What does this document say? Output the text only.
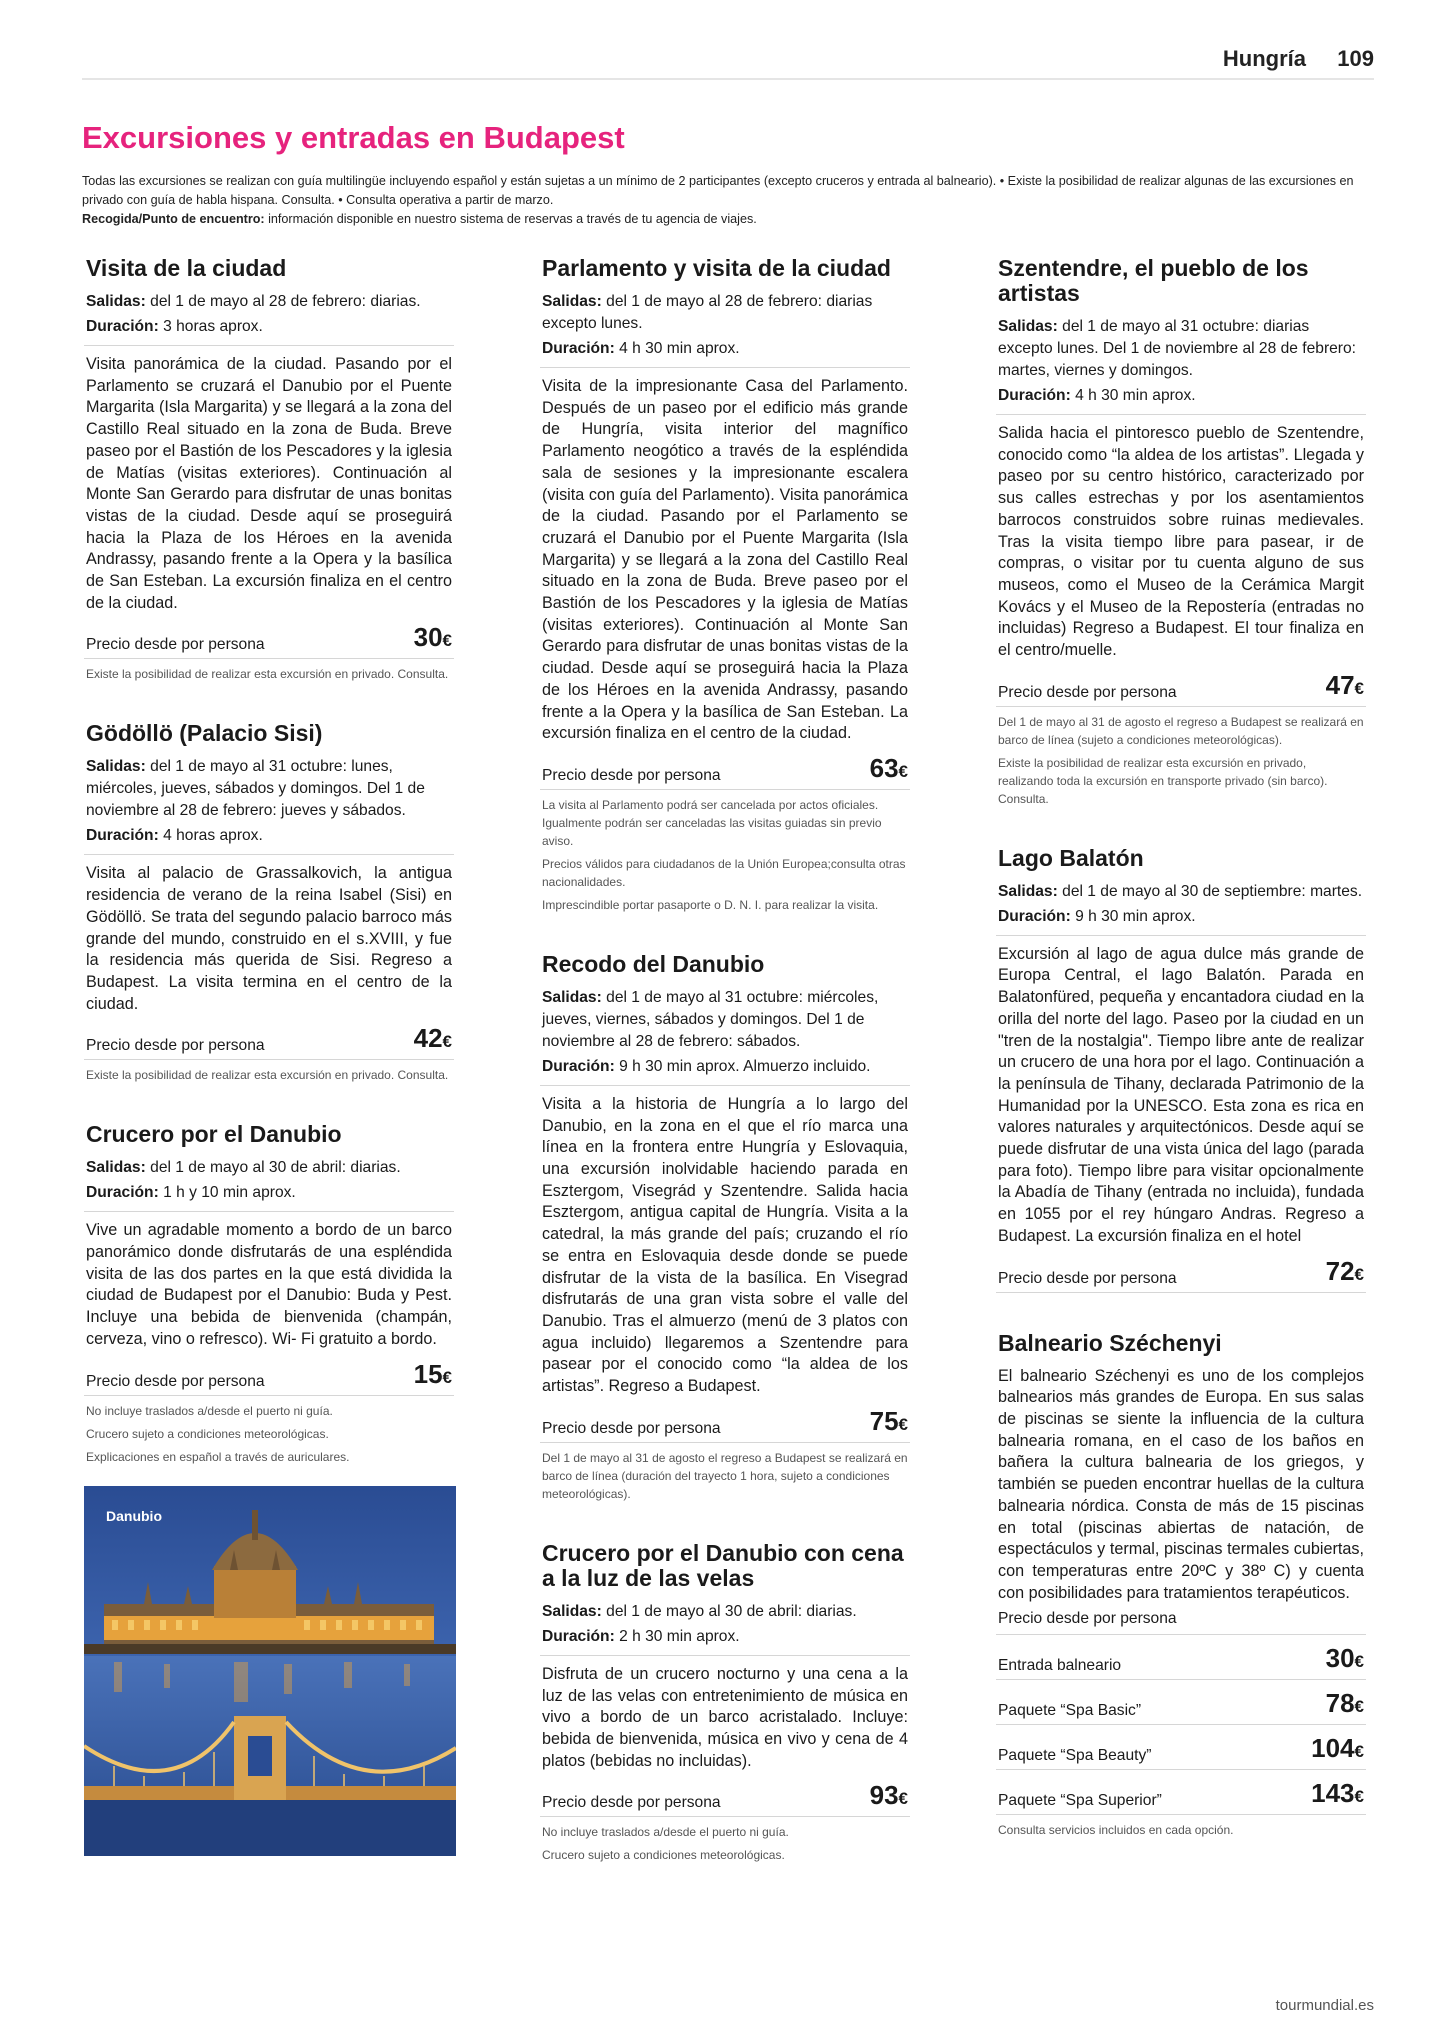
Hungría 109
Excursiones y entradas en Budapest
Todas las excursiones se realizan con guía multilingüe incluyendo español y están sujetas a un mínimo de 2 participantes (excepto cruceros y entrada al balneario). • Existe la posibilidad de realizar algunas de las excursiones en privado con guía de habla hispana. Consulta. • Consulta operativa a partir de marzo.
Recogida/Punto de encuentro: información disponible en nuestro sistema de reservas a través de tu agencia de viajes.
Visita de la ciudad

Salidas: del 1 de mayo al 28 de febrero: diarias.

Duración: 3 horas aprox.

Visita panorámica de la ciudad. Pasando por el Parlamento se cruzará el Danubio por el Puente Margarita (Isla Margarita) y se llegará a la zona del Castillo Real situado en la zona de Buda. Breve paseo por el Bastión de los Pescadores y la iglesia de Matías (visitas exteriores). Continuación al Monte San Gerardo para disfrutar de unas bonitas vistas de la ciudad. Desde aquí se proseguirá hacia la Plaza de los Héroes en la avenida Andrassy, pasando frente a la Opera y la basílica de San Esteban. La excursión finaliza en el centro de la ciudad.

Precio desde por persona	30€

Existe la posibilidad de realizar esta excursión en privado. Consulta.

Gödöllö (Palacio Sisi)

Salidas: del 1 de mayo al 31 octubre: lunes, miércoles, jueves, sábados y domingos. Del 1 de noviembre al 28 de febrero: jueves y sábados.

Duración: 4 horas aprox.

Visita al palacio de Grassalkovich, la antigua residencia de verano de la reina Isabel (Sisi) en Gödöllö. Se trata del segundo palacio barroco más grande del mundo, construido en el s.XVIII, y fue la residencia más querida de Sisi. Regreso a Budapest. La visita termina en el centro de la ciudad.

Precio desde por persona	42€

Existe la posibilidad de realizar esta excursión en privado. Consulta.

Crucero por el Danubio

Salidas: del 1 de mayo al 30 de abril: diarias.

Duración: 1 h y 10 min aprox.

Vive un agradable momento a bordo de un barco panorámico donde disfrutarás de una espléndida visita de las dos partes en la que está dividida la ciudad de Budapest por el Danubio: Buda y Pest. Incluye una bebida de bienvenida (champán, cerveza, vino o refresco). Wi- Fi gratuito a bordo.

Precio desde por persona	15€

No incluye traslados a/desde el puerto ni guía.

Crucero sujeto a condiciones meteorológicas.

Explicaciones en español a través de auriculares.

Danubio
Parlamento y visita de la ciudad

Salidas: del 1 de mayo al 28 de febrero: diarias excepto lunes.

Duración: 4 h 30 min aprox.

Visita de la impresionante Casa del Parlamento. Después de un paseo por el edificio más grande de Hungría, visita interior del magnífico Parlamento neogótico a través de la espléndida sala de sesiones y la impresionante escalera (visita con guía del Parlamento). Visita panorámica de la ciudad. Pasando por el Parlamento se cruzará el Danubio por el Puente Margarita (Isla Margarita) y se llegará a la zona del Castillo Real situado en la zona de Buda. Breve paseo por el Bastión de los Pescadores y la iglesia de Matías (visitas exteriores). Continuación al Monte San Gerardo para disfrutar de unas bonitas vistas de la ciudad. Desde aquí se proseguirá hacia la Plaza de los Héroes en la avenida Andrassy, pasando frente a la Opera y la basílica de San Esteban. La excursión finaliza en el centro de la ciudad.

Precio desde por persona	63€

La visita al Parlamento podrá ser cancelada por actos oficiales. Igualmente podrán ser canceladas las visitas guiadas sin previo aviso.

Precios válidos para ciudadanos de la Unión Europea;consulta otras nacionalidades.

Imprescindible portar pasaporte o D. N. I. para realizar la visita.

Recodo del Danubio

Salidas: del 1 de mayo al 31 octubre: miércoles, jueves, viernes, sábados y domingos. Del 1 de noviembre al 28 de febrero: sábados.

Duración: 9 h 30 min aprox. Almuerzo incluido.

Visita a la historia de Hungría a lo largo del Danubio, en la zona en el que el río marca una línea en la frontera entre Hungría y Eslovaquia, una excursión inolvidable haciendo parada en Esztergom, Visegrád y Szentendre. Salida hacia Esztergom, antigua capital de Hungría. Visita a la catedral, la más grande del país; cruzando el río se entra en Eslovaquia desde donde se puede disfrutar de la vista de la basílica. En Visegrad disfrutarás de una gran vista sobre el valle del Danubio. Tras el almuerzo (menú de 3 platos con agua incluido) llegaremos a Szentendre para pasear por el conocido como “la aldea de los artistas”. Regreso a Budapest.

Precio desde por persona	75€

Del 1 de mayo al 31 de agosto el regreso a Budapest se realizará en barco de línea (duración del trayecto 1 hora, sujeto a condiciones meteorológicas).

Crucero por el Danubio con cena a la luz de las velas

Salidas: del 1 de mayo al 30 de abril: diarias.

Duración: 2 h 30 min aprox.

Disfruta de un crucero nocturno y una cena a la luz de las velas con entretenimiento de música en vivo a bordo de un barco acristalado. Incluye: bebida de bienvenida, música en vivo y cena de 4 platos (bebidas no incluidas).

Precio desde por persona	93€

No incluye traslados a/desde el puerto ni guía.

Crucero sujeto a condiciones meteorológicas.

Szentendre, el pueblo de los artistas

Salidas: del 1 de mayo al 31 octubre: diarias excepto lunes. Del 1 de noviembre al 28 de febrero: martes, viernes y domingos.

Duración: 4 h 30 min aprox.

Salida hacia el pintoresco pueblo de Szentendre, conocido como “la aldea de los artistas”. Llegada y paseo por su centro histórico, caracterizado por sus calles estrechas y por los asentamientos barrocos construidos sobre ruinas medievales. Tras la visita tiempo libre para pasear, ir de compras, o visitar por tu cuenta alguno de sus museos, como el Museo de la Cerámica Margit Kovács y el Museo de la Repostería (entradas no incluidas) Regreso a Budapest. El tour finaliza en el centro/muelle.

Precio desde por persona	47€

Del 1 de mayo al 31 de agosto el regreso a Budapest se realizará en barco de línea (sujeto a condiciones meteorológicas).

Existe la posibilidad de realizar esta excursión en privado, realizando toda la excursión en transporte privado (sin barco). Consulta.

Lago Balatón

Salidas: del 1 de mayo al 30 de septiembre: martes.

Duración: 9 h 30 min aprox.

Excursión al lago de agua dulce más grande de Europa Central, el lago Balatón. Parada en Balatonfüred, pequeña y encantadora ciudad en la orilla del norte del lago. Paseo por la ciudad en un "tren de la nostalgia". Tiempo libre ante de realizar un crucero de una hora por el lago. Continuación a la península de Tihany, declarada Patrimonio de la Humanidad por la UNESCO. Esta zona es rica en valores naturales y arquitectónicos. Desde aquí se puede disfrutar de una vista única del lago (parada para foto). Tiempo libre para visitar opcionalmente la Abadía de Tihany (entrada no incluida), fundada en 1055 por el rey húngaro Andras. Regreso a Budapest. La excursión finaliza en el hotel

Precio desde por persona	72€
Balneario Széchenyi

El balneario Széchenyi es uno de los complejos balnearios más grandes de Europa. En sus salas de piscinas se siente la influencia de la cultura balnearia romana, en el caso de los baños en bañera la cultura balnearia de los griegos, y también se pueden encontrar huellas de la cultura balnearia nórdica. Consta de más de 15 piscinas en total (piscinas abiertas de natación, de espectáculos y termal, piscinas termales cubiertas, con temperaturas entre 20ºC y 38º C) y cuenta con posibilidades para tratamientos terapéuticos.

Precio desde por persona
Entrada balneario	30€
Paquete “Spa Basic”	78€
Paquete “Spa Beauty”	104€
Paquete “Spa Superior”	143€

Consulta servicios incluidos en cada opción.

tourmundial.es
